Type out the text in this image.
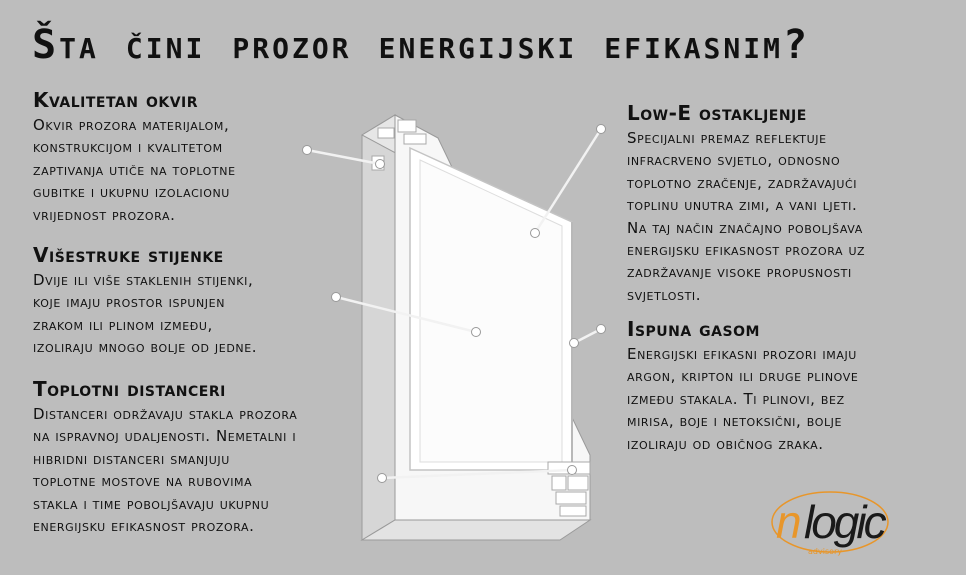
Šta čini prozor energijski efikasnim?
Kvalitetan okvir

Okvir prozora materijalom,

konstrukcijom i kvalitetom

zaptivanja utiče na toplotne

gubitke i ukupnu izolacionu

vrijednost prozora.

Višestruke stijenke

Dvije ili više staklenih stijenki,

koje imaju prostor ispunjen

zrakom ili plinom između,

izoliraju mnogo bolje od jedne.

Toplotni distanceri

Distanceri održavaju stakla prozora

na ispravnoj udaljenosti. Nemetalni i

hibridni distanceri smanjuju

toplotne mostove na rubovima

stakla i time poboljšavaju ukupnu

energijsku efikasnost prozora.

Low-E ostakljenje

Specijalni premaz reflektuje

infracrveno svjetlo, odnosno

toplotno zračenje, zadržavajući

toplinu unutra zimi, a vani ljeti.

Na taj način značajno poboljšava

energijsku efikasnost prozora uz

zadržavanje visoke propusnosti

svjetlosti.

Ispuna gasom

Energijski efikasni prozori imaju

argon, kripton ili druge plinove

između stakala. Ti plinovi, bez

mirisa, boje i netoksični, bolje

izoliraju od običnog zraka.

n logic
advisory
